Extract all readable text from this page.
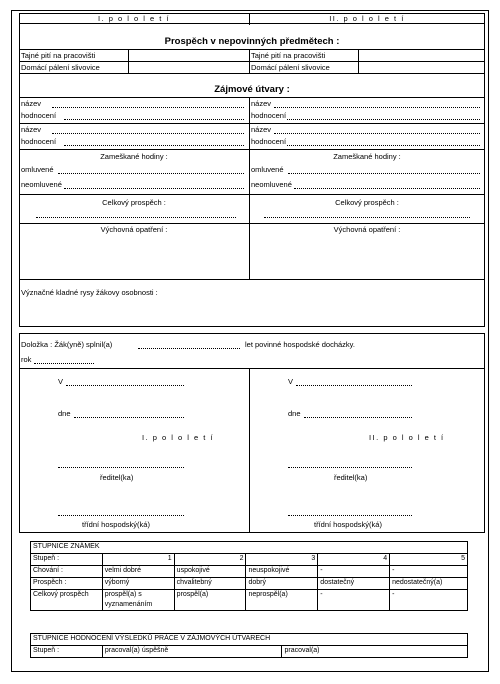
I. p o l o l e t í	II. p o l o l e t í
Prospěch v nepovinných předmětech :
Tajné pití na pracovišti	Tajné pití na pracovišti
Domácí pálení slivovice	Domácí pálení slivovice
Zájmové útvary :
název
hodnocení
název
hodnocení
název
hodnocení
název
hodnocení
Zameškané hodiny :	Zameškané hodiny :
omluvené
neomluvené
omluvené
neomluvené
Celkový prospěch :	Celkový prospěch :
Výchovná opatření :	Výchovná opatření :
Význačné kladné rysy žákovy osobnosti :
Doložka : Žák(yně) splnil(a)	let povinné hospodské docházky.
rok
V
dne
I. p o l o l e t í
ředitel(ka)
třídní hospodský(ká)
V
dne
II. p o l o l e t í
ředitel(ka)
třídní hospodský(ká)
STUPNICE ZNÁMEK					
Stupeň :	1	2	3	4	5
Chování :	velmi dobré	uspokojivé	neuspokojivé	-	-
Prospěch :	výborný	chvalitebný	dobrý	dostatečný	nedostatečný(a)
Celkový prospěch	prospěl(a) s vyznamenáním	prospěl(a)	neprospěl(a)	-	-
STUPNICE HODNOCENÍ VÝSLEDKŮ PRÁCE V ZÁJMOVÝCH ÚTVARECH
Stupeň :	pracoval(a) úspěšně	pracoval(a)
